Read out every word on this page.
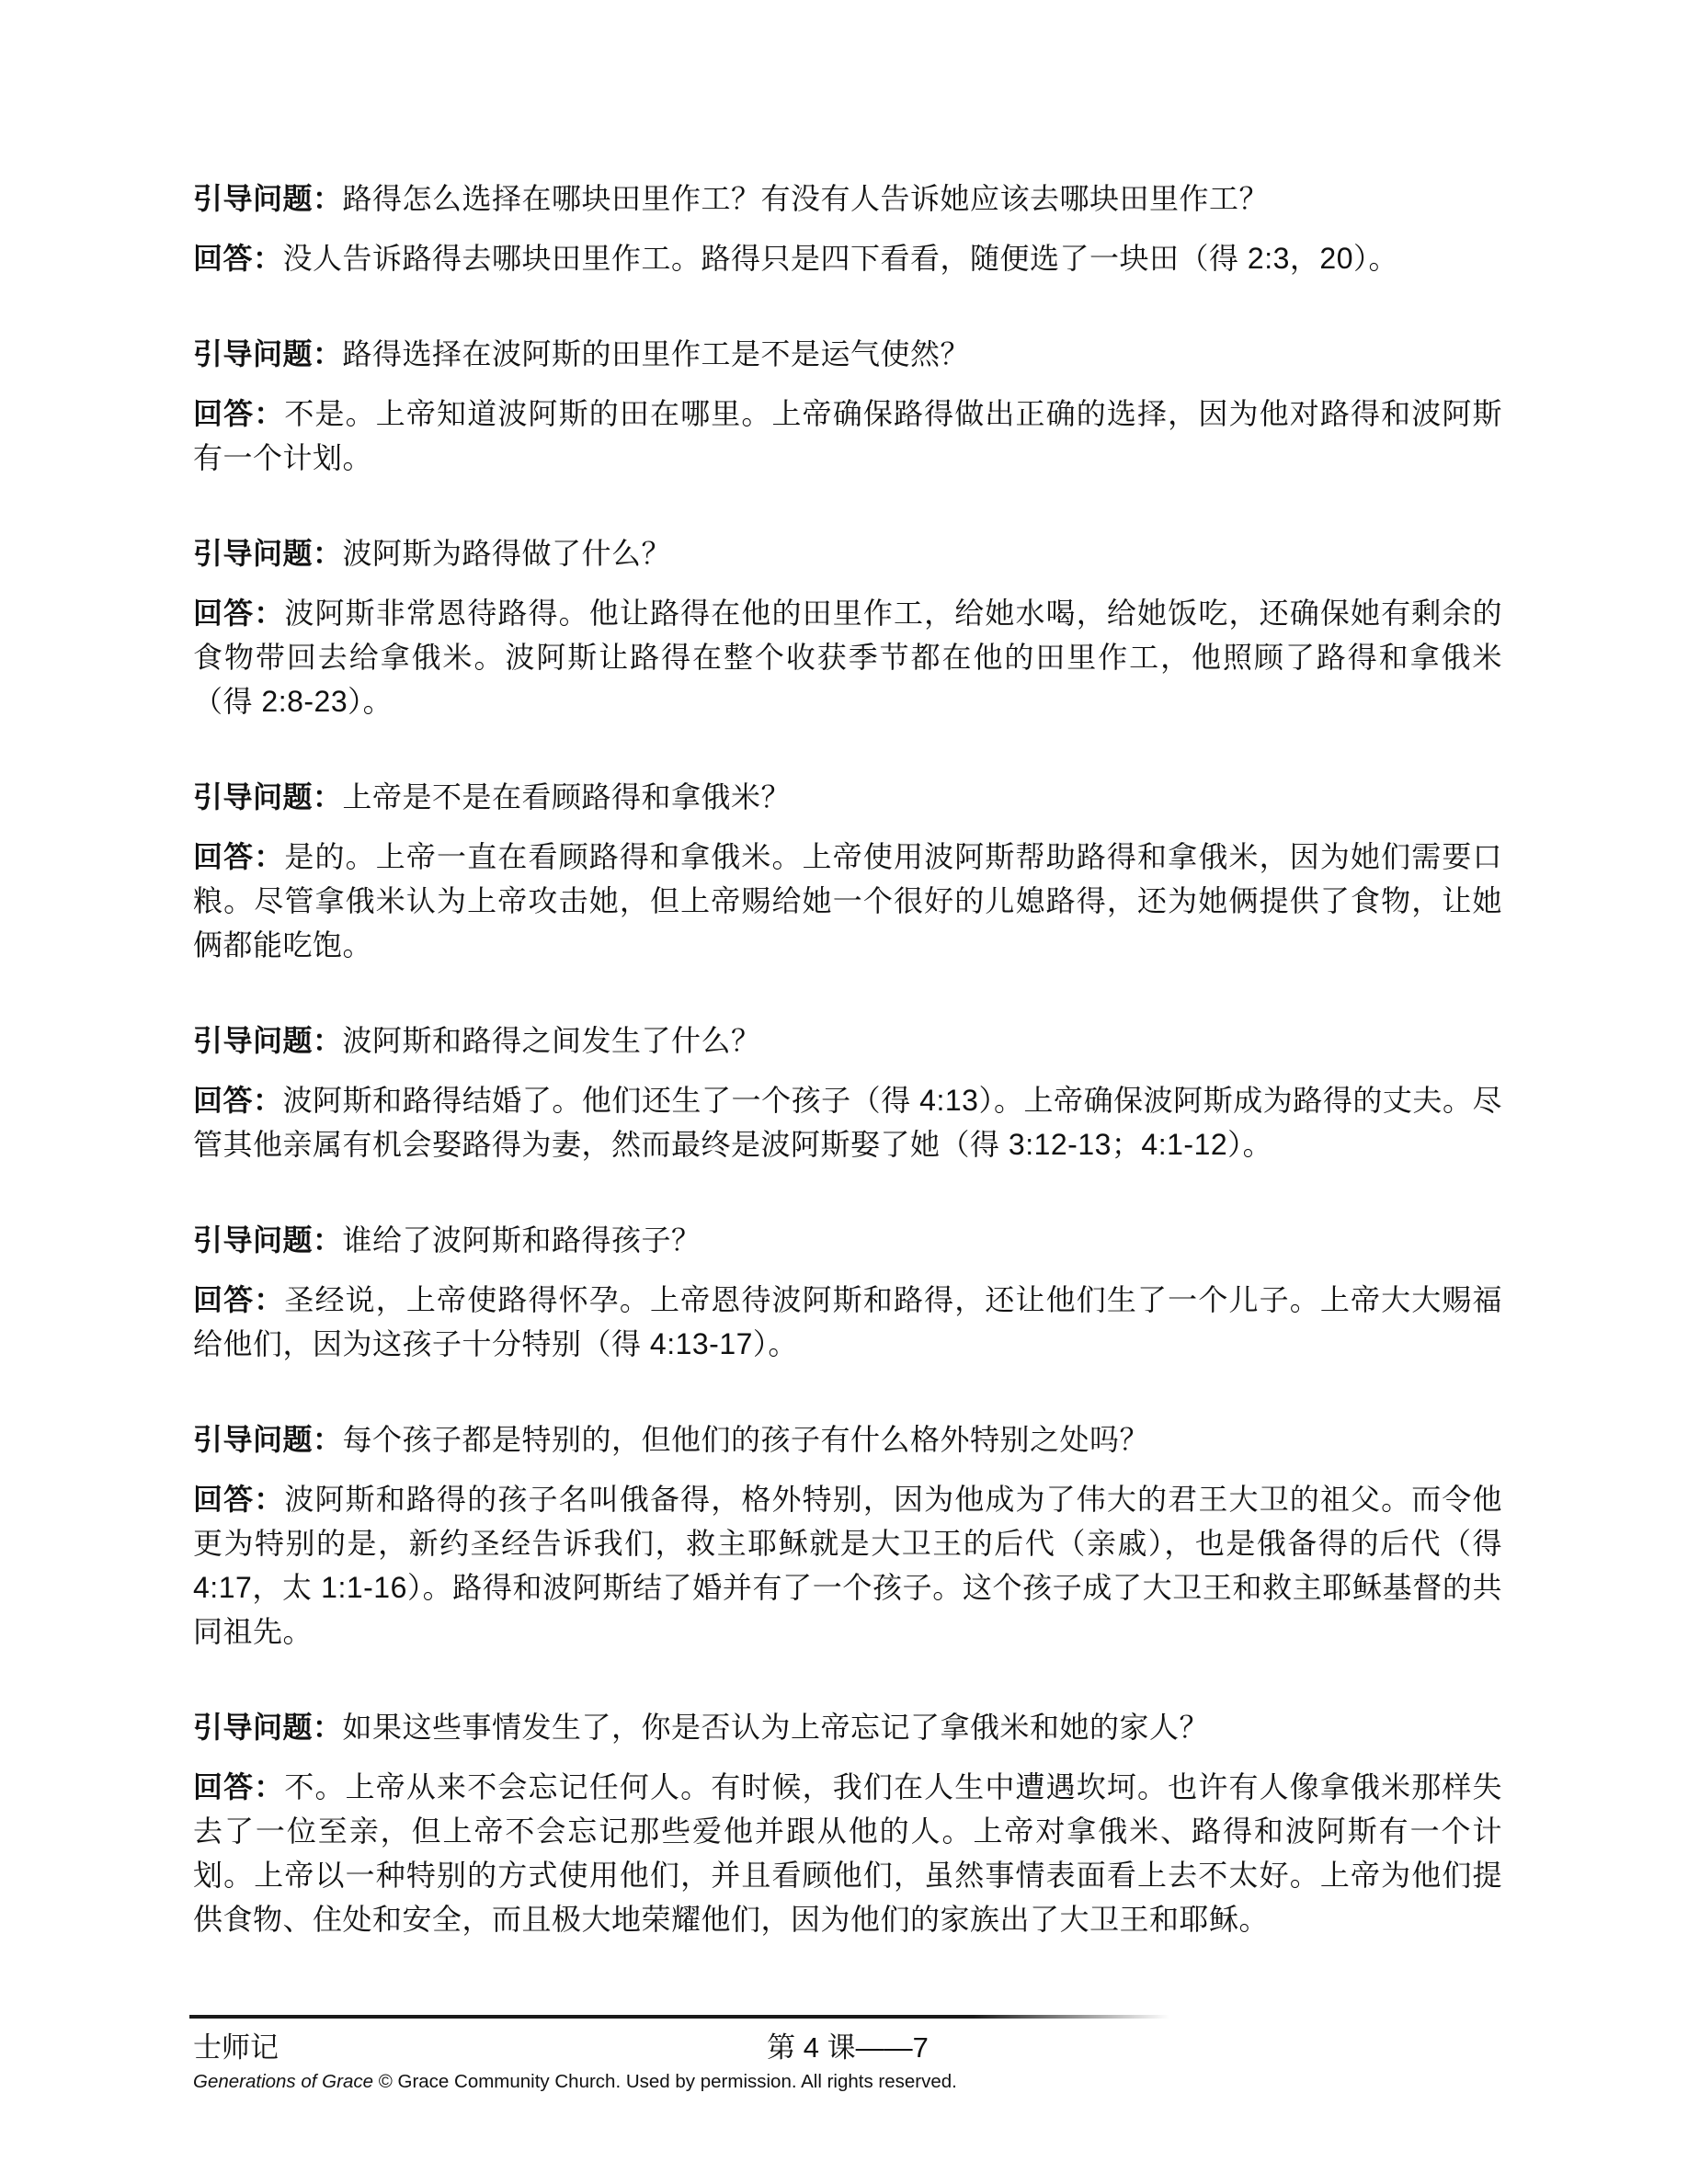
引导问题：路得怎么选择在哪块田里作工？有没有人告诉她应该去哪块田里作工？

回答：没人告诉路得去哪块田里作工。路得只是四下看看，随便选了一块田（得 2:3，20）。

引导问题：路得选择在波阿斯的田里作工是不是运气使然？

回答：不是。上帝知道波阿斯的田在哪里。上帝确保路得做出正确的选择，因为他对路得和波阿斯有一个计划。

引导问题：波阿斯为路得做了什么？

回答：波阿斯非常恩待路得。他让路得在他的田里作工，给她水喝，给她饭吃，还确保她有剩余的食物带回去给拿俄米。波阿斯让路得在整个收获季节都在他的田里作工，他照顾了路得和拿俄米（得 2:8-23）。

引导问题：上帝是不是在看顾路得和拿俄米？

回答：是的。上帝一直在看顾路得和拿俄米。上帝使用波阿斯帮助路得和拿俄米，因为她们需要口粮。尽管拿俄米认为上帝攻击她，但上帝赐给她一个很好的儿媳路得，还为她俩提供了食物，让她俩都能吃饱。

引导问题：波阿斯和路得之间发生了什么？

回答：波阿斯和路得结婚了。他们还生了一个孩子（得 4:13）。上帝确保波阿斯成为路得的丈夫。尽管其他亲属有机会娶路得为妻，然而最终是波阿斯娶了她（得 3:12-13；4:1-12）。

引导问题：谁给了波阿斯和路得孩子？

回答：圣经说，上帝使路得怀孕。上帝恩待波阿斯和路得，还让他们生了一个儿子。上帝大大赐福给他们，因为这孩子十分特别（得 4:13-17）。

引导问题：每个孩子都是特别的，但他们的孩子有什么格外特别之处吗？

回答：波阿斯和路得的孩子名叫俄备得，格外特别，因为他成为了伟大的君王大卫的祖父。而令他更为特别的是，新约圣经告诉我们，救主耶稣就是大卫王的后代（亲戚），也是俄备得的后代（得 4:17，太 1:1-16）。路得和波阿斯结了婚并有了一个孩子。这个孩子成了大卫王和救主耶稣基督的共同祖先。

引导问题：如果这些事情发生了，你是否认为上帝忘记了拿俄米和她的家人？

回答：不。上帝从来不会忘记任何人。有时候，我们在人生中遭遇坎坷。也许有人像拿俄米那样失去了一位至亲，但上帝不会忘记那些爱他并跟从他的人。上帝对拿俄米、路得和波阿斯有一个计划。上帝以一种特别的方式使用他们，并且看顾他们，虽然事情表面看上去不太好。上帝为他们提供食物、住处和安全，而且极大地荣耀他们，因为他们的家族出了大卫王和耶稣。

士师记	第 4 课——7
Generations of Grace © Grace Community Church. Used by permission. All rights reserved.
